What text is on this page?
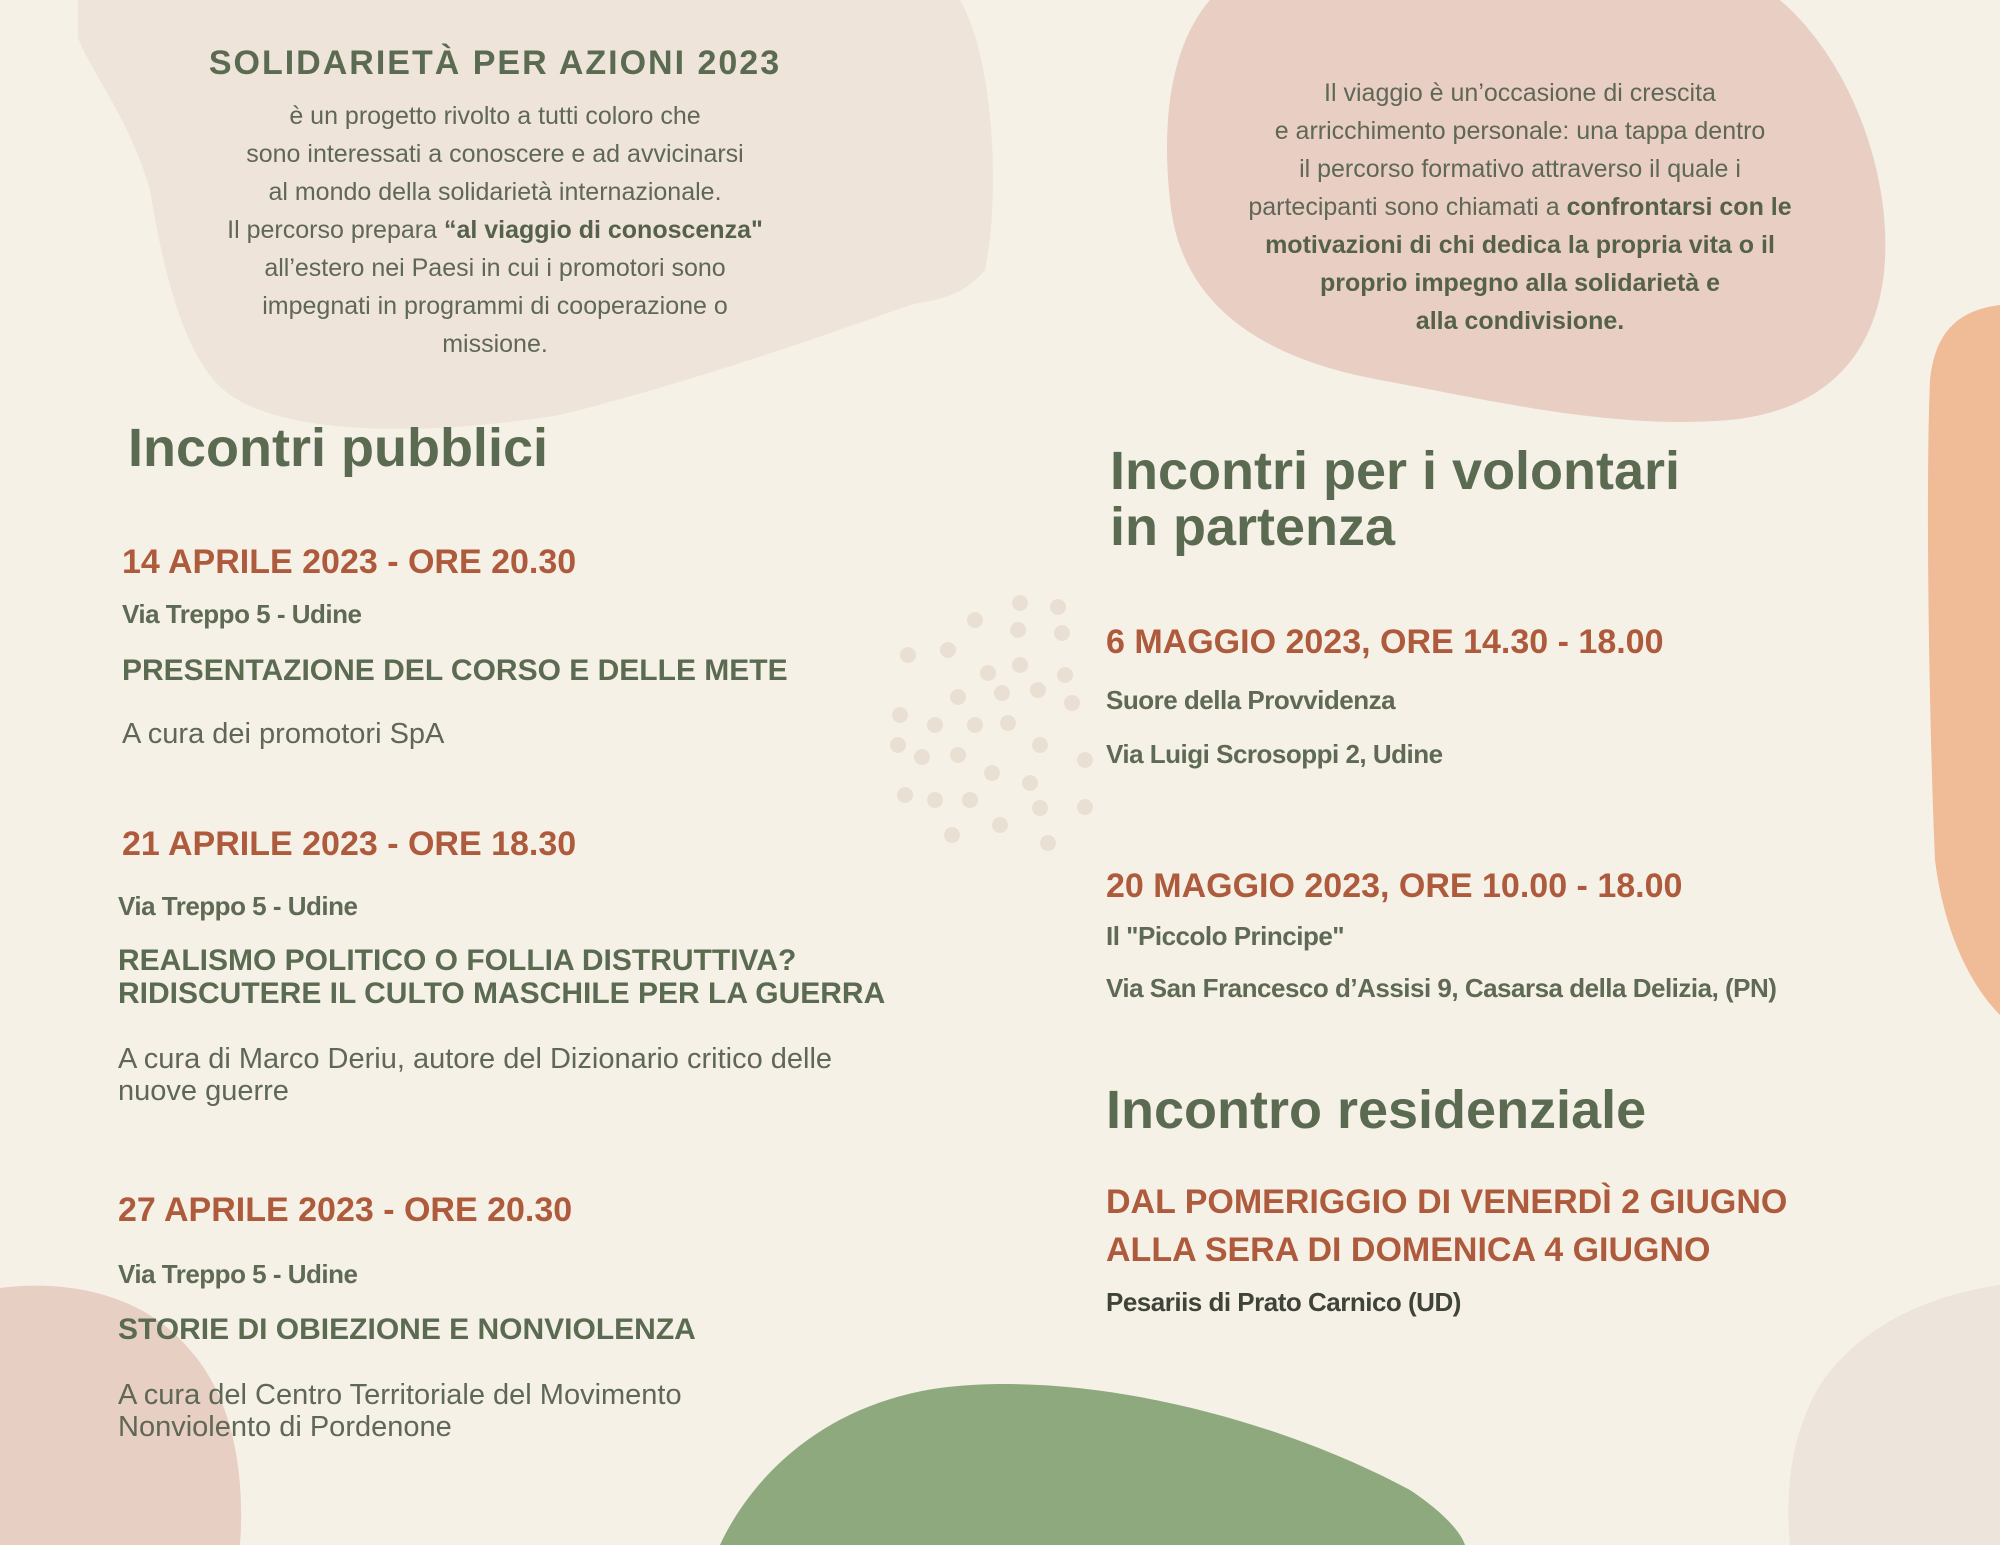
SOLIDARIETÀ PER AZIONI 2023

è un progetto rivolto a tutti coloro che
sono interessati a conoscere e ad avvicinarsi
al mondo della solidarietà internazionale.
Il percorso prepara “al viaggio di conoscenza"
all’estero nei Paesi in cui i promotori sono
impegnati in programmi di cooperazione o
missione.

Il viaggio è un’occasione di crescita
e arricchimento personale: una tappa dentro
il percorso formativo attraverso il quale i
partecipanti sono chiamati a confrontarsi con le
motivazioni di chi dedica la propria vita o il
proprio impegno alla solidarietà e
alla condivisione.
Incontri pubblici

14 APRILE 2023 - ORE 20.30

Via Treppo 5 - Udine

PRESENTAZIONE DEL CORSO E DELLE METE

A cura dei promotori SpA

21 APRILE 2023 - ORE 18.30

Via Treppo 5 - Udine

REALISMO POLITICO O FOLLIA DISTRUTTIVA?

RIDISCUTERE IL CULTO MASCHILE PER LA GUERRA

A cura di Marco Deriu, autore del Dizionario critico delle

nuove guerre

27 APRILE 2023 - ORE 20.30

Via Treppo 5 - Udine

STORIE DI OBIEZIONE E NONVIOLENZA

A cura del Centro Territoriale del Movimento

Nonviolento di Pordenone

Incontri per i volontari
in partenza

6 MAGGIO 2023, ORE 14.30 - 18.00

Suore della Provvidenza

Via Luigi Scrosoppi 2, Udine

20 MAGGIO 2023, ORE 10.00 - 18.00

Il "Piccolo Principe"

Via San Francesco d’Assisi 9, Casarsa della Delizia, (PN)

Incontro residenziale

DAL POMERIGGIO DI VENERDÌ 2 GIUGNO

ALLA SERA DI DOMENICA 4 GIUGNO

Pesariis di Prato Carnico (UD)
